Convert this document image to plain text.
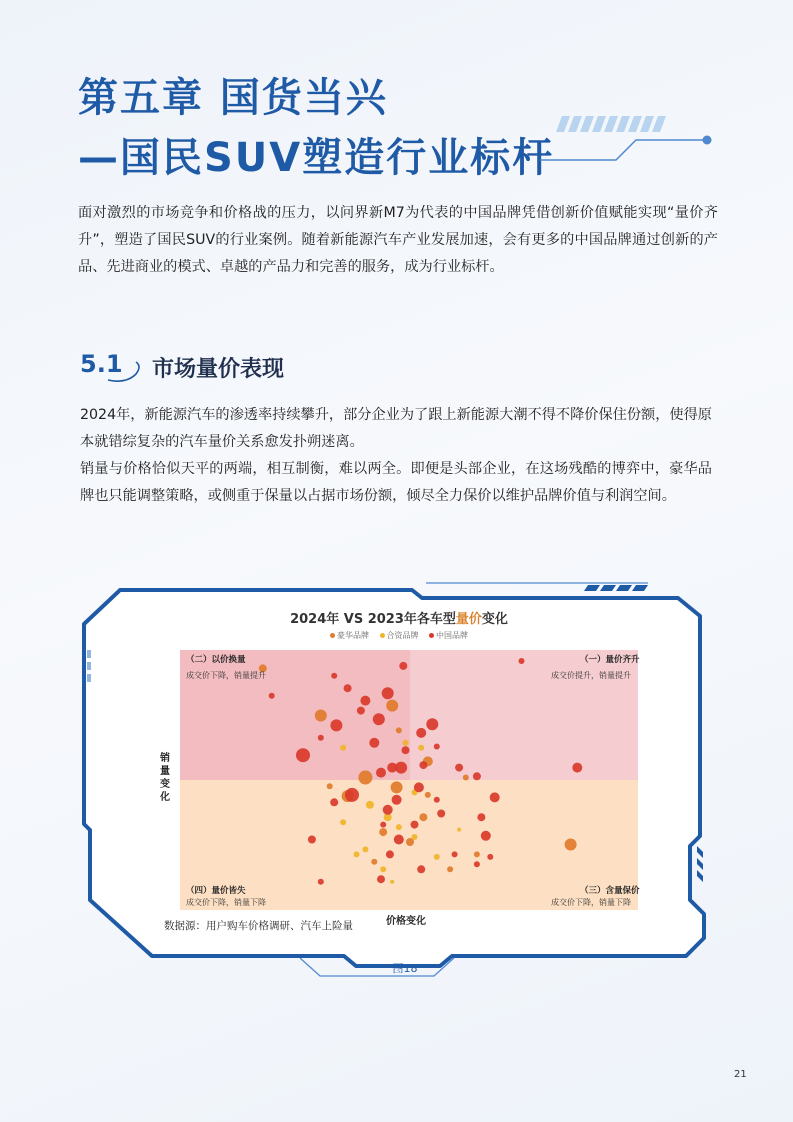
第五章 国货当兴
—国民SUV塑造行业标杆

面对激烈的市场竞争和价格战的压力，以问界新M7为代表的中国品牌凭借创新价值赋能实现“量价齐升”，塑造了国民SUV的行业案例。随着新能源汽车产业发展加速，会有更多的中国品牌通过创新的产品、先进商业的模式、卓越的产品力和完善的服务，成为行业标杆。

5.1 市场量价表现

2024年，新能源汽车的渗透率持续攀升，部分企业为了跟上新能源大潮不得不降价保住份额，使得原本就错综复杂的汽车量价关系愈发扑朔迷离。

销量与价格恰似天平的两端，相互制衡，难以两全。即便是头部企业，在这场残酷的博弈中，豪华品牌也只能调整策略，或侧重于保量以占据市场份额，倾尽全力保价以维护品牌价值与利润空间。

2024年 VS 2023年各车型量价变化
豪华品牌 合资品牌 中国品牌
（二）以价换量
成交价下降，销量提升
（一）量价齐升
成交价提升，销量提升
（四）量价皆失
成交价下降，销量下降
（三）含量保价
成交价下降，销量下降
销量变化
价格变化
数据源：用户购车价格调研、汽车上险量
图18
21
